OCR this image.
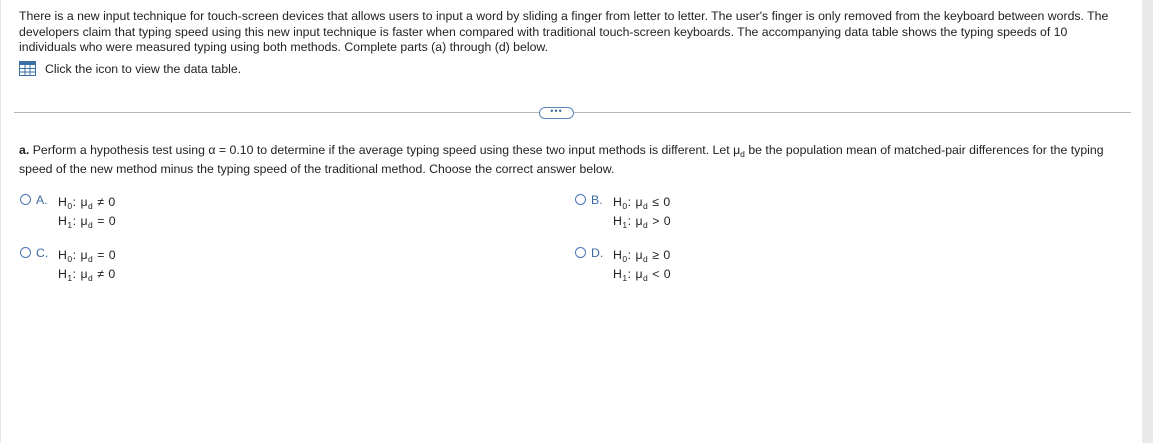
There is a new input technique for touch-screen devices that allows users to input a word by sliding a finger from letter to letter. The user's finger is only removed from the keyboard between words. The developers claim that typing speed using this new input technique is faster when compared with traditional touch-screen keyboards. The accompanying data table shows the typing speeds of 10 individuals who were measured typing using both methods. Complete parts (a) through (d) below.
Click the icon to view the data table.
•••
a. Perform a hypothesis test using α = 0.10 to determine if the average typing speed using these two input methods is different. Let $\mu_d$ be the population mean of matched-pair differences for the typing speed of the new method minus the typing speed of the traditional method. Choose the correct answer below.
A. $H_0$: $\mu_d \ne 0$
$H_1$: $\mu_d = 0$
B. $H_0$: $\mu_d \le 0$
$H_1$: $\mu_d > 0$
C. $H_0$: $\mu_d = 0$
$H_1$: $\mu_d \ne 0$
D. $H_0$: $\mu_d \ge 0$
$H_1$: $\mu_d < 0$
